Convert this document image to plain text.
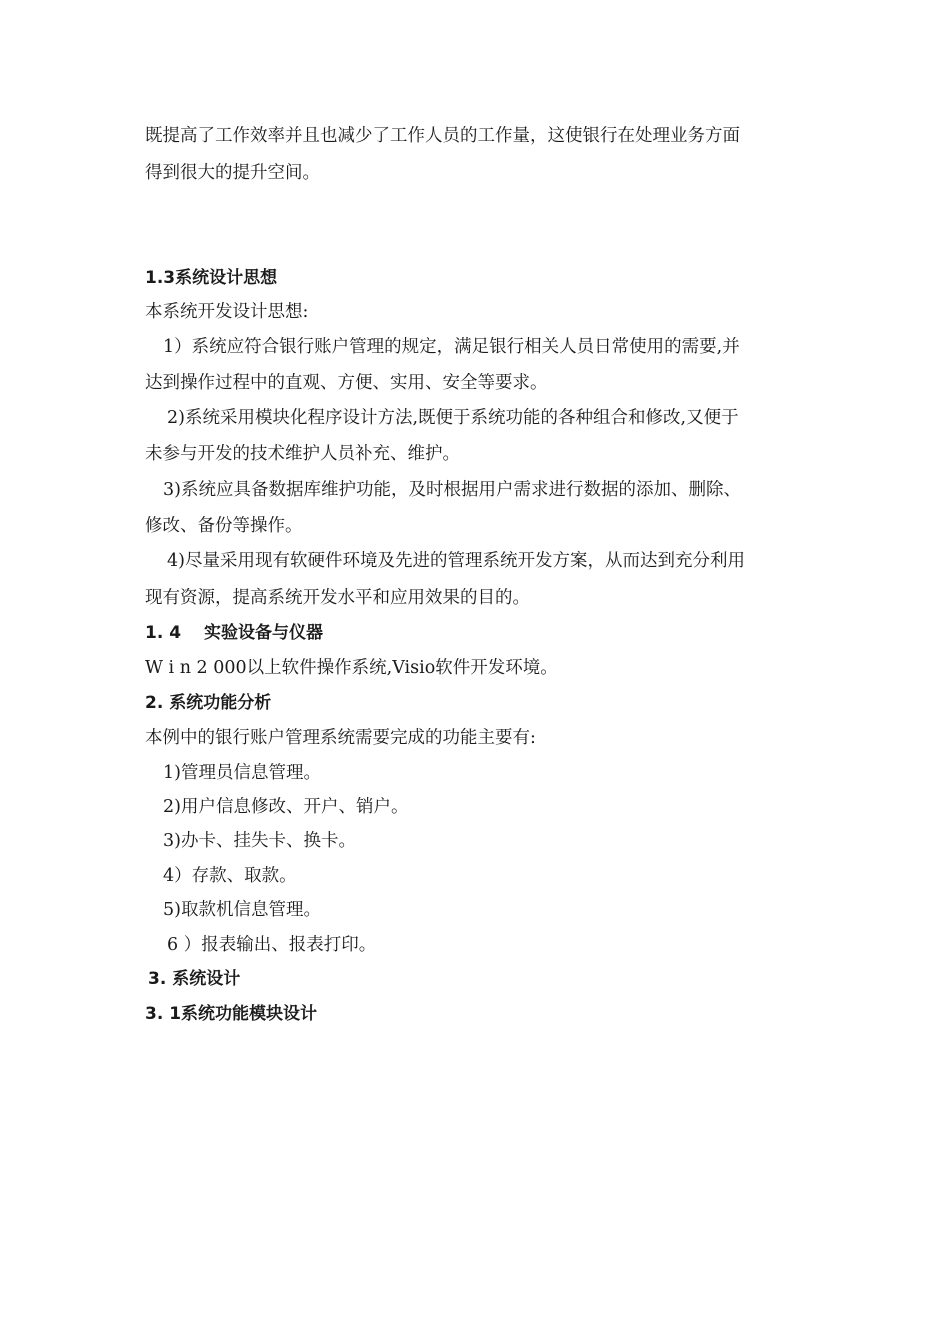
既提高了工作效率并且也减少了工作人员的工作量，这使银行在处理业务方面
得到很大的提升空间。
1.3系统设计思想
本系统开发设计思想:
1）系统应符合银行账户管理的规定，满足银行相关人员日常使用的需要,并
达到操作过程中的直观、方便、实用、安全等要求。
2)系统采用模块化程序设计方法,既便于系统功能的各种组合和修改,又便于
未参与开发的技术维护人员补充、维护。
3)系统应具备数据库维护功能，及时根据用户需求进行数据的添加、删除、
修改、备份等操作。
4)尽量采用现有软硬件环境及先进的管理系统开发方案，从而达到充分利用
现有资源，提高系统开发水平和应用效果的目的。
1. 4　 实验设备与仪器
W i n 2 000以上软件操作系统,Visio软件开发环境。
2. 系统功能分析
本例中的银行账户管理系统需要完成的功能主要有:
1)管理员信息管理。
2)用户信息修改、开户、销户。
3)办卡、挂失卡、换卡。
4）存款、取款。
5)取款机信息管理。
6 ）报表输出、报表打印。
3. 系统设计
3. 1系统功能模块设计
